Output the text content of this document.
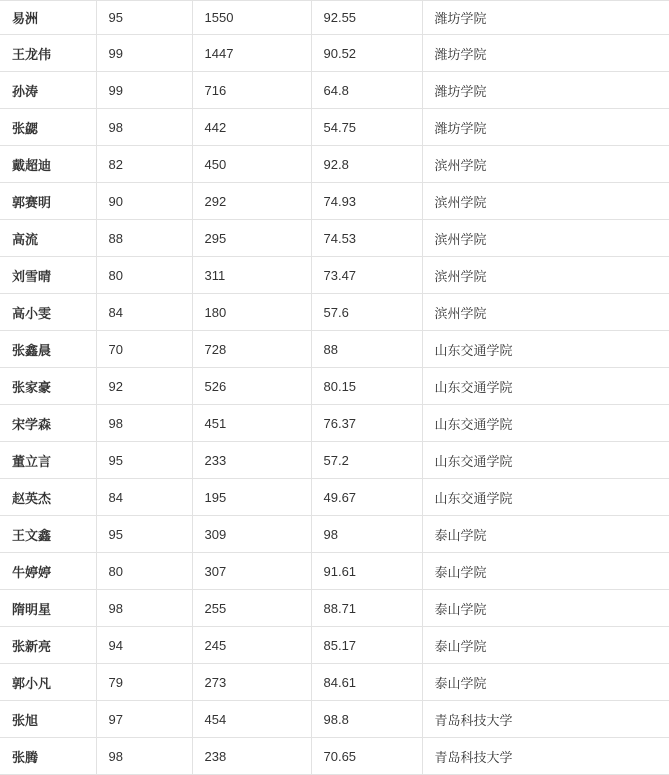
易洲	95	1550	92.55	潍坊学院
王龙伟	99	1447	90.52	潍坊学院
孙涛	99	716	64.8	潍坊学院
张勰	98	442	54.75	潍坊学院
戴超迪	82	450	92.8	滨州学院
郭赛明	90	292	74.93	滨州学院
高流	88	295	74.53	滨州学院
刘雪晴	80	311	73.47	滨州学院
高小雯	84	180	57.6	滨州学院
张鑫晨	70	728	88	山东交通学院
张家豪	92	526	80.15	山东交通学院
宋学森	98	451	76.37	山东交通学院
董立言	95	233	57.2	山东交通学院
赵英杰	84	195	49.67	山东交通学院
王文鑫	95	309	98	泰山学院
牛婷婷	80	307	91.61	泰山学院
隋明星	98	255	88.71	泰山学院
张新亮	94	245	85.17	泰山学院
郭小凡	79	273	84.61	泰山学院
张旭	97	454	98.8	青岛科技大学
张腾	98	238	70.65	青岛科技大学
